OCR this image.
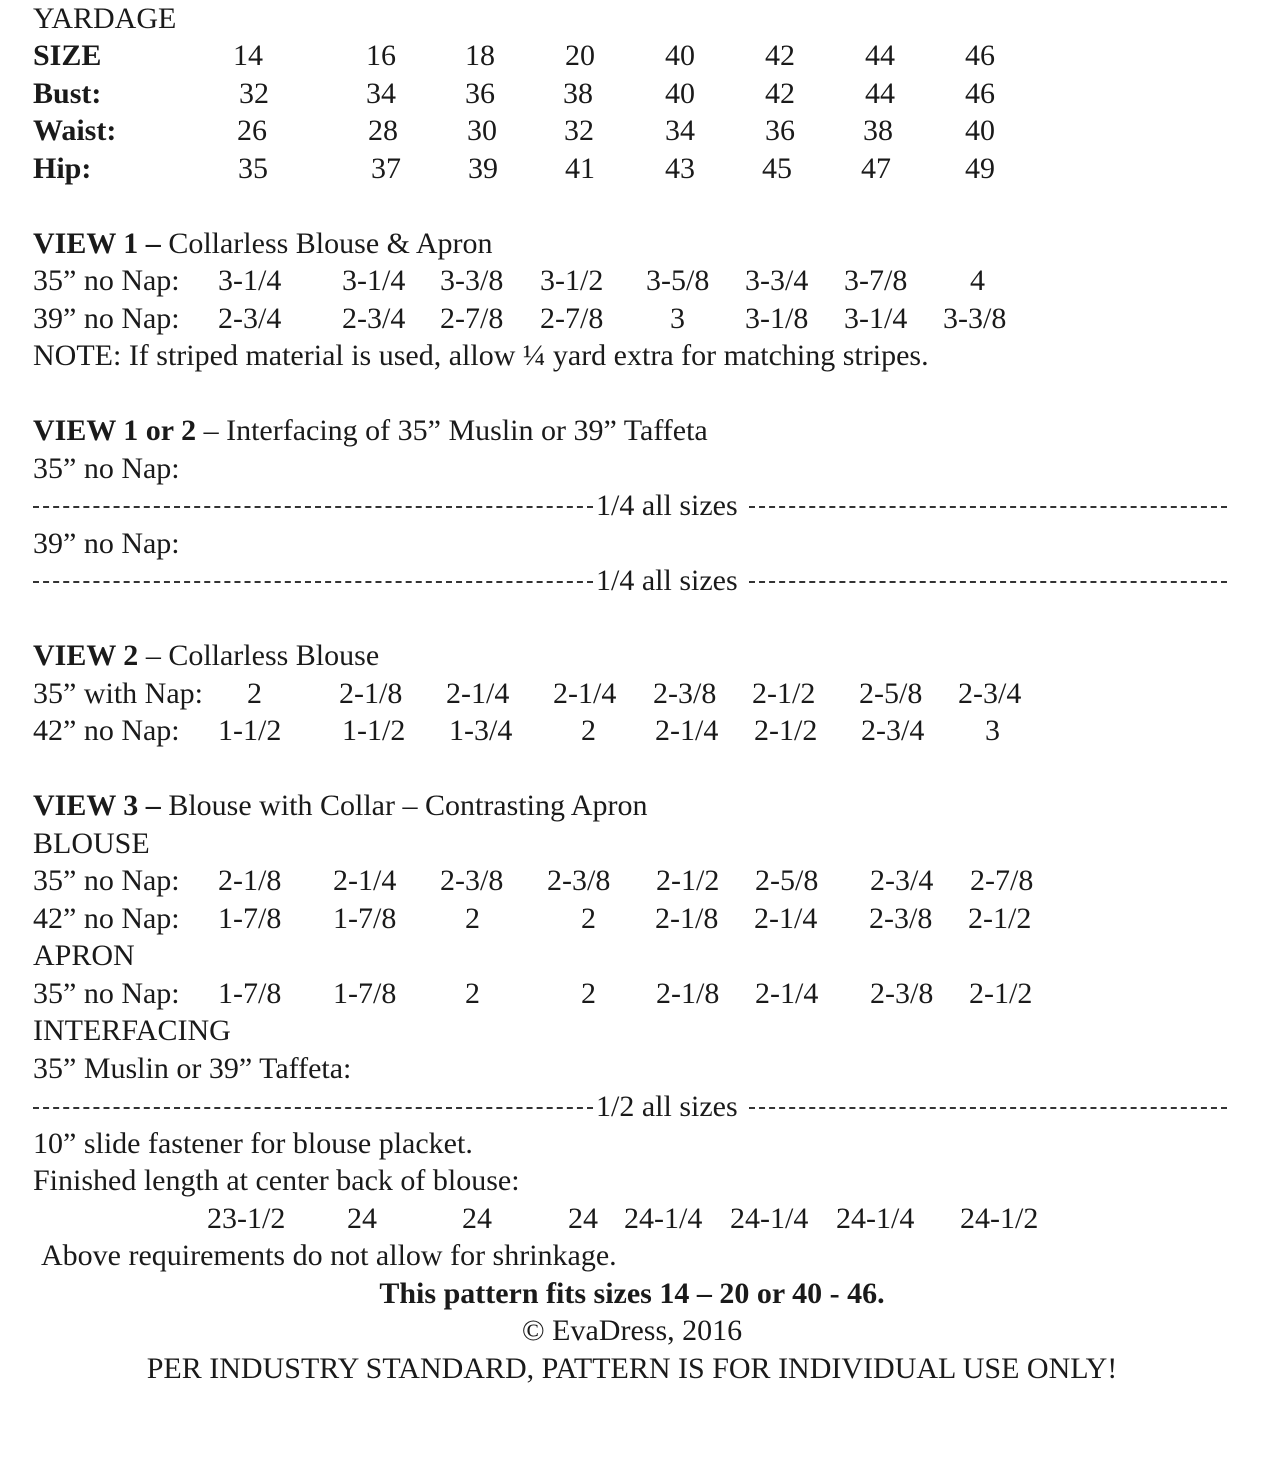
YARDAGE
SIZE	14	16 18 20 40 42 44 46
Bust:	32	34 36 38 40 42 44 46
Waist:	26	28 30 32 34 36 38 40
Hip:	35	37 39 41 43 45 47 49
VIEW 1 – Collarless Blouse & Apron
35” no Nap: 3-1/4 3-1/4 3-3/8 3-1/2 3-5/8 3-3/4 3-7/8 4
39” no Nap: 2-3/4 2-3/4 2-7/8 2-7/8 3 3-1/8 3-1/4 3-3/8
NOTE: If striped material is used, allow ¼ yard extra for matching stripes.
VIEW 1 or 2 – Interfacing of 35” Muslin or 39” Taffeta
35” no Nap:
1/4 all sizes
39” no Nap:
1/4 all sizes
VIEW 2 – Collarless Blouse
35” with Nap: 2	2-1/8 2-1/4 2-1/4 2-3/8 2-1/2 2-5/8 2-3/4
42” no Nap: 1-1/2 1-1/2 1-3/4 2 2-1/4 2-1/2 2-3/4 3
VIEW 3 – Blouse with Collar – Contrasting Apron
BLOUSE
35” no Nap: 2-1/8 2-1/4 2-3/8 2-3/8 2-1/2 2-5/8 2-3/4 2-7/8
42” no Nap: 1-7/8 1-7/8 2	2 2-1/8 2-1/4 2-3/8 2-1/2
APRON
35” no Nap: 1-7/8 1-7/8 2	2 2-1/8 2-1/4 2-3/8 2-1/2
INTERFACING
35” Muslin or 39” Taffeta:
1/2 all sizes
10” slide fastener for blouse placket.
Finished length at center back of blouse:
23-1/2 24	24	24 24-1/4 24-1/4 24-1/4 24-1/2
Above requirements do not allow for shrinkage.
This pattern fits sizes 14 – 20 or 40 - 46.
© EvaDress, 2016
PER INDUSTRY STANDARD, PATTERN IS FOR INDIVIDUAL USE ONLY!
